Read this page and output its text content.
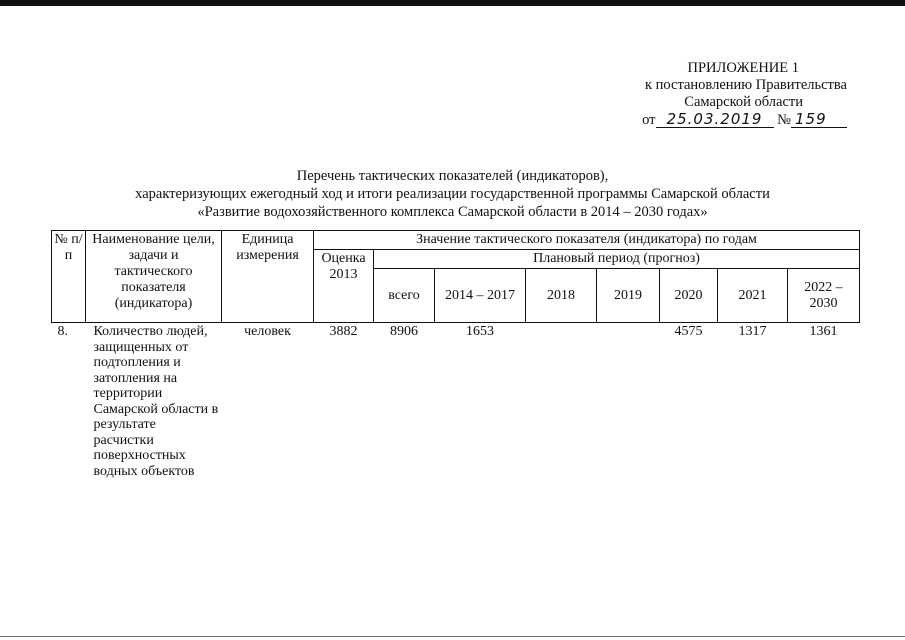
ПРИЛОЖЕНИЕ 1
к постановлению Правительства
Самарской области
от 25.03.2019 № 159
Перечень тактических показателей (индикаторов),
характеризующих ежегодный ход и итоги реализации государственной программы Самарской области
«Развитие водохозяйственного комплекса Самарской области в 2014 – 2030 годах»
№ п/п	Наименование цели, задачи и тактического показателя (индикатора)	Единица измерения	Значение тактического показателя (индикатора) по годам							
			Оценка 2013	Плановый период (прогноз)						
				всего	2014 – 2017	2018	2019	2020	2021	2022 – 2030
8.	Количество людей, защищенных от подтопления и затопления на территории Самарской области в результате расчистки поверхностных водных объектов	человек	3882	8906	1653			4575	1317	1361
